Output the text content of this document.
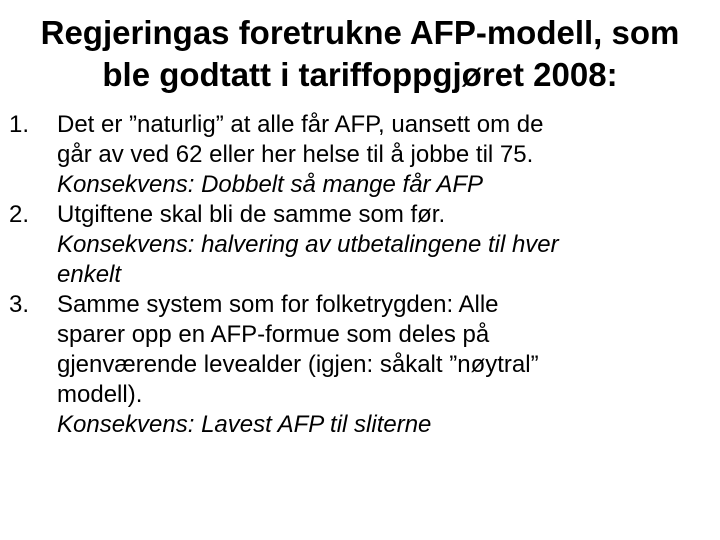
Regjeringas foretrukne AFP-modell, som
ble godtatt i tariffoppgjøret 2008:
1. Det er ”naturlig” at alle får AFP, uansett om de
går av ved 62 eller her helse til å jobbe til 75.
Konsekvens: Dobbelt så mange får AFP
2. Utgiftene skal bli de samme som før.
Konsekvens: halvering av utbetalingene til hver
enkelt
3. Samme system som for folketrygden: Alle
sparer opp en AFP-formue som deles på
gjenværende levealder (igjen: såkalt ”nøytral”
modell).
Konsekvens: Lavest AFP til sliterne
